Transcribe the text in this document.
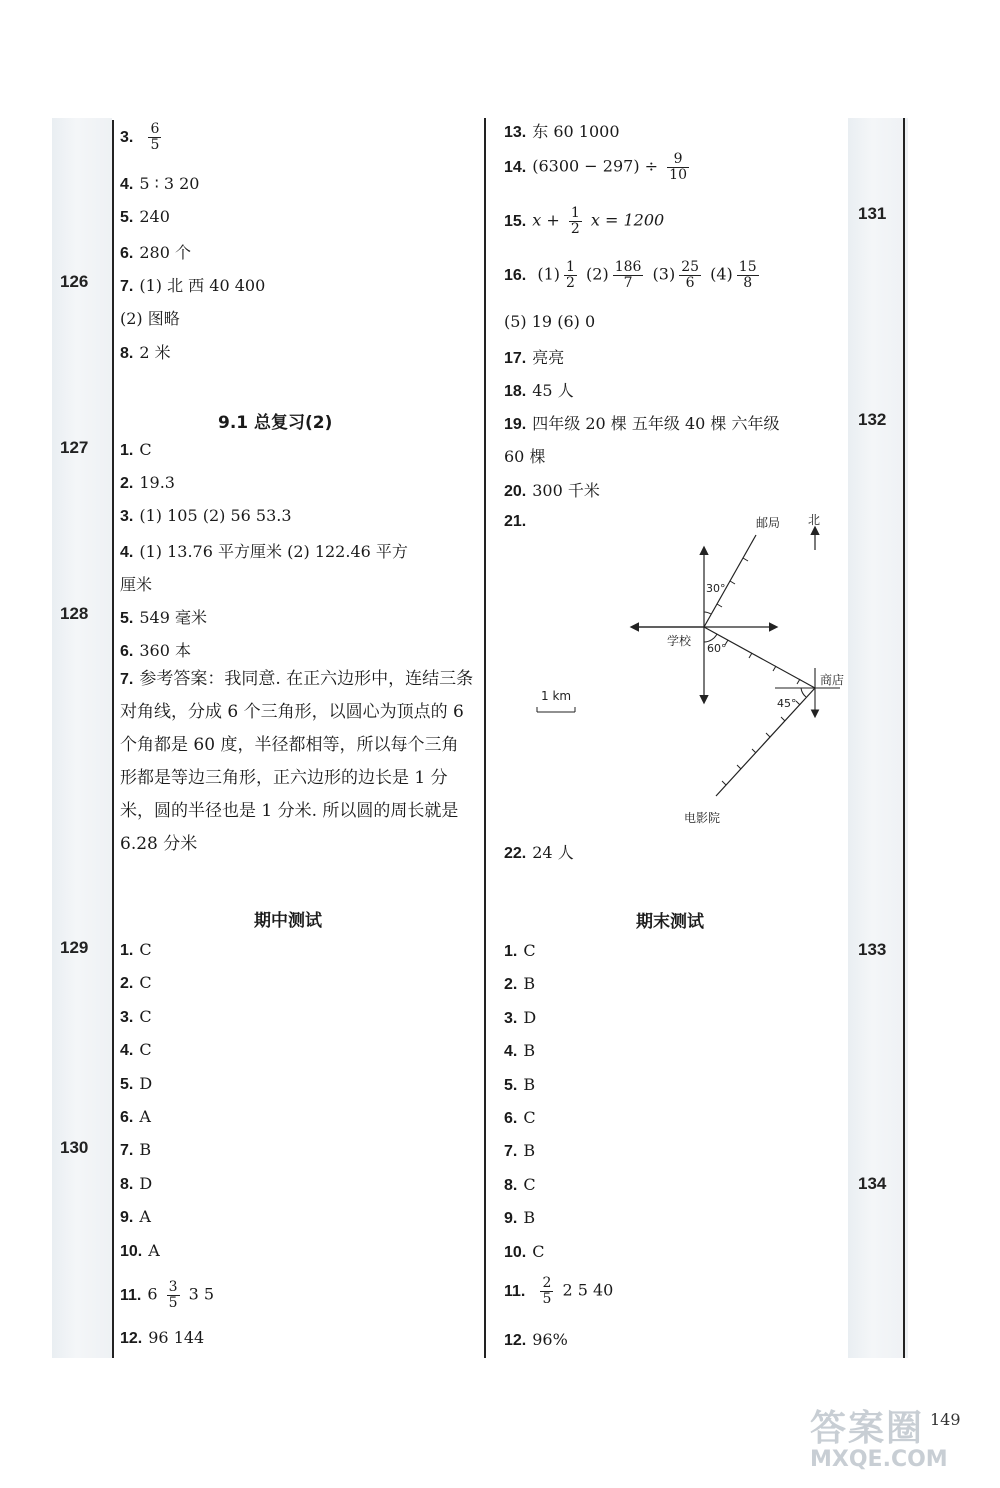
126
127
128
129
130
131
132
133
134
3. $\frac{6}{5}$
4. 5 ∶ 3 20
5. 240
6. 280 个
7. (1) 北 西 40 400
(2) 图略
8. 2 米
9.1 总复习(2)
1. C
2. 19.3
3. (1) 105 (2) 56 53.3
4. (1) 13.76 平方厘米 (2) 122.46 平方
厘米
5. 549 毫米
6. 360 本
7. 参考答案：我同意. 在正六边形中，连结三条对角线，分成 6 个三角形，以圆心为顶点的 6 个角都是 60 度，半径都相等，所以每个三角形都是等边三角形，正六边形的边长是 1 分米，圆的半径也是 1 分米. 所以圆的周长就是 6.28 分米
期中测试
1. C
2. C
3. C
4. C
5. D
6. A
7. B
8. D
9. A
10. A
11. $6 \frac{3}{5} 3$ 5
12. 96 144
13. 东 60 1000
14. $(6300 - 297) \div \frac{9}{10}$
15. $x + \frac{1}{2}$ x = 1200
16. $(1) \frac{1}{2} (2) \frac{186}{7} (3) \frac{25}{6} (4) \frac{15}{8}$
(5) 19 (6) 0
17. 亮亮
18. 45 人
19. 四年级 20 棵 五年级 40 棵 六年级
60 棵
20. 300 千米
21.	邮局 北
学校
商店
电影院
1 km
30°
60°
45°
22. 24 人
期末测试
1. C
2. B
3. D
4. B
5. B
6. C
7. B
8. C
9. B
10. C
11. $\frac{2}{5} 2$ 5 40
12. 96%
149
答案圈
MXQE.COM
